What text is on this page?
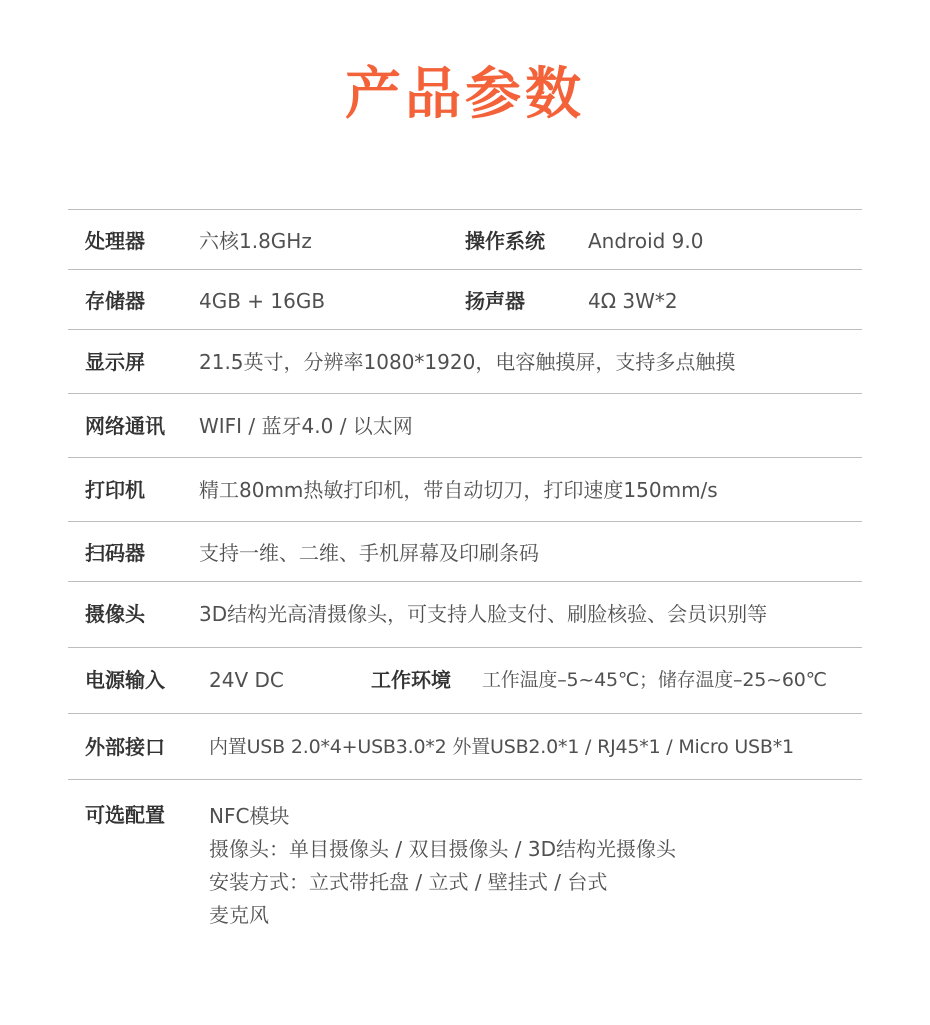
产品参数
处理器	六核1.8GHz	操作系统 Android 9.0
存储器	4GB + 16GB	扬声器	4Ω 3W*2
显示屏	21.5英寸，分辨率1080*1920，电容触摸屏，支持多点触摸
网络通讯 WIFI / 蓝牙4.0 / 以太网
打印机	精工80mm热敏打印机，带自动切刀，打印速度150mm/s
扫码器	支持一维、二维、手机屏幕及印刷条码
摄像头	3D结构光高清摄像头，可支持人脸支付、刷脸核验、会员识别等
电源输入 24V DC	工作环境 工作温度–5~45℃；储存温度–25~60℃
外部接口 内置USB 2.0*4+USB3.0*2 外置USB2.0*1 / RJ45*1 / Micro USB*1
可选配置 NFC模块
摄像头：单目摄像头 / 双目摄像头 / 3D结构光摄像头
安装方式：立式带托盘 / 立式 / 壁挂式 / 台式
麦克风
